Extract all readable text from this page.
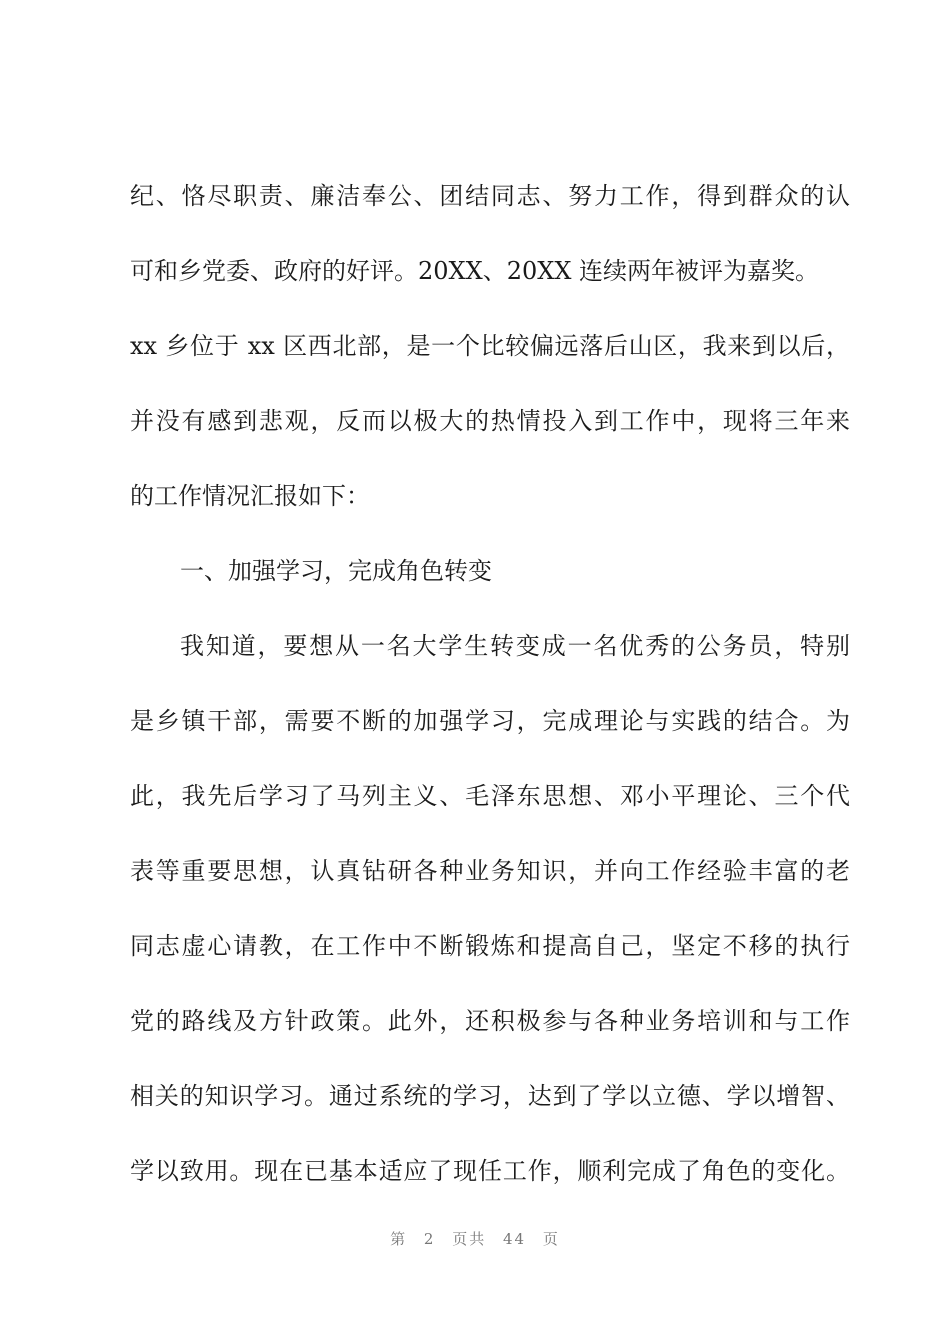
纪、恪尽职责、廉洁奉公、团结同志、努力工作，得到群众的认
可和乡党委、政府的好评。20XX、20XX 连续两年被评为嘉奖。
xx 乡位于 xx 区西北部，是一个比较偏远落后山区，我来到以后，
并没有感到悲观，反而以极大的热情投入到工作中，现将三年来
的工作情况汇报如下：
一、加强学习，完成角色转变
我知道，要想从一名大学生转变成一名优秀的公务员，特别
是乡镇干部，需要不断的加强学习，完成理论与实践的结合。为
此，我先后学习了马列主义、毛泽东思想、邓小平理论、三个代
表等重要思想，认真钻研各种业务知识，并向工作经验丰富的老
同志虚心请教，在工作中不断锻炼和提高自己，坚定不移的执行
党的路线及方针政策。此外，还积极参与各种业务培训和与工作
相关的知识学习。通过系统的学习，达到了学以立德、学以增智、
学以致用。现在已基本适应了现任工作，顺利完成了角色的变化。
第 2 页共 44 页
